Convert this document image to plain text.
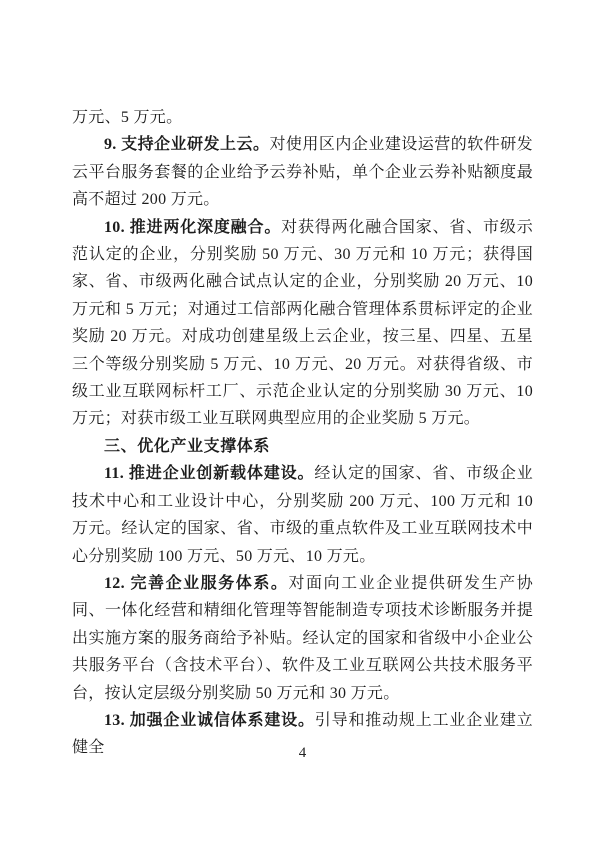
万元、5 万元。

9. 支持企业研发上云。对使用区内企业建设运营的软件研发云平台服务套餐的企业给予云券补贴，单个企业云券补贴额度最高不超过 200 万元。

10. 推进两化深度融合。对获得两化融合国家、省、市级示范认定的企业，分别奖励 50 万元、30 万元和 10 万元；获得国家、省、市级两化融合试点认定的企业，分别奖励 20 万元、10 万元和 5 万元；对通过工信部两化融合管理体系贯标评定的企业奖励 20 万元。对成功创建星级上云企业，按三星、四星、五星三个等级分别奖励 5 万元、10 万元、20 万元。对获得省级、市级工业互联网标杆工厂、示范企业认定的分别奖励 30 万元、10 万元；对获市级工业互联网典型应用的企业奖励 5 万元。

三、优化产业支撑体系

11. 推进企业创新载体建设。经认定的国家、省、市级企业技术中心和工业设计中心，分别奖励 200 万元、100 万元和 10 万元。经认定的国家、省、市级的重点软件及工业互联网技术中心分别奖励 100 万元、50 万元、10 万元。

12. 完善企业服务体系。对面向工业企业提供研发生产协同、一体化经营和精细化管理等智能制造专项技术诊断服务并提出实施方案的服务商给予补贴。经认定的国家和省级中小企业公共服务平台（含技术平台）、软件及工业互联网公共技术服务平台，按认定层级分别奖励 50 万元和 30 万元。

13. 加强企业诚信体系建设。引导和推动规上工业企业建立健全	4
